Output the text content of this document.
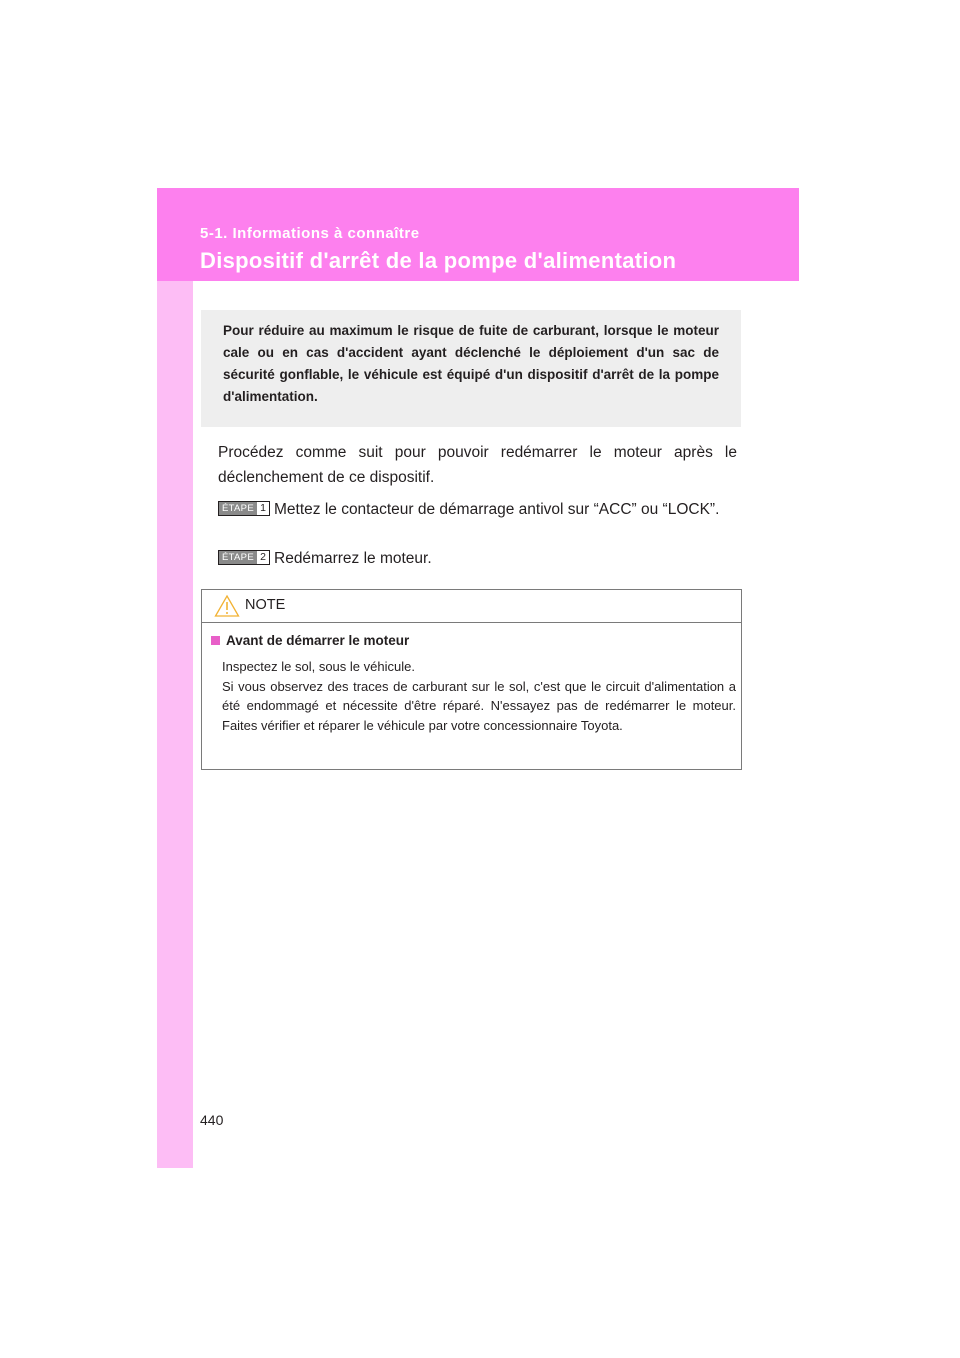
5-1. Informations à connaître
Dispositif d'arrêt de la pompe d'alimentation

Pour réduire au maximum le risque de fuite de carburant, lorsque le moteur cale ou en cas d'accident ayant déclenché le déploiement d'un sac de sécurité gonflable, le véhicule est équipé d'un dispositif d'arrêt de la pompe d'alimentation.

Procédez comme suit pour pouvoir redémarrer le moteur après le déclenchement de ce dispositif.

ÉTAPE 1 Mettez le contacteur de démarrage antivol sur “ACC” ou “LOCK”.

ÉTAPE 2 Redémarrez le moteur.

NOTE
Avant de démarrer le moteur

Inspectez le sol, sous le véhicule.
Si vous observez des traces de carburant sur le sol, c'est que le circuit d'alimentation a été endommagé et nécessite d'être réparé. N'essayez pas de redémarrer le moteur. Faites vérifier et réparer le véhicule par votre concessionnaire Toyota.

440
